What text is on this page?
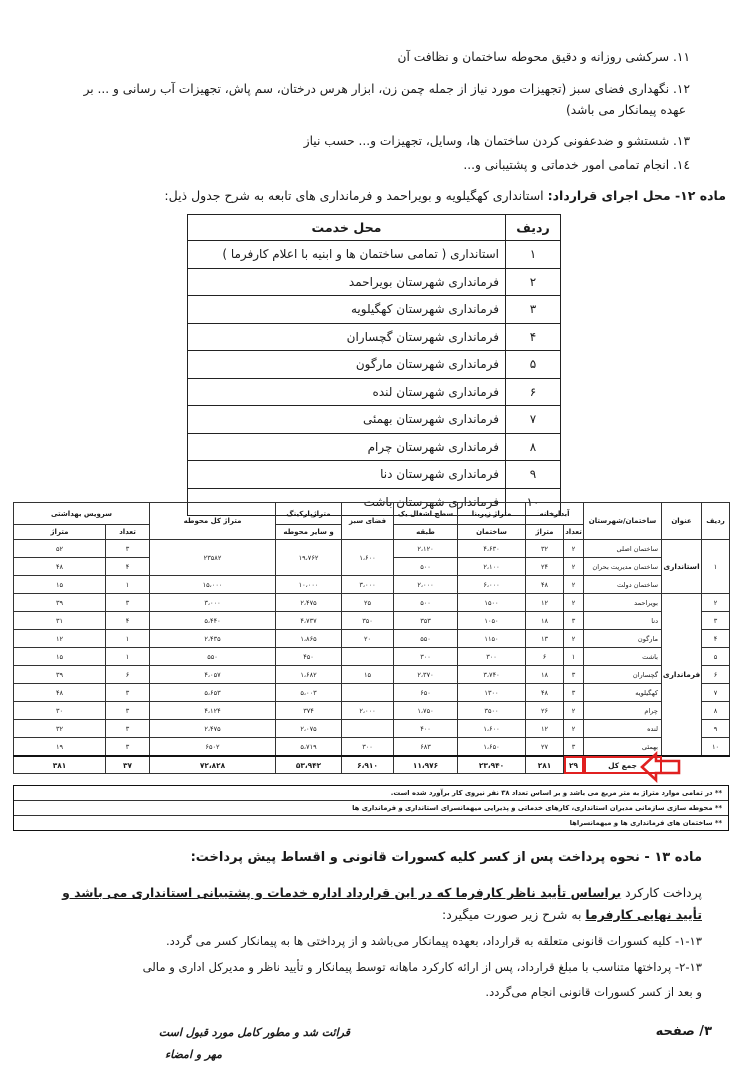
۱۱. سرکشی روزانه و دقیق محوطه ساختمان و نظافت آن
۱۲. نگهداری فضای سبز (تجهیزات مورد نیاز از جمله چمن زن، ابزار هرس درختان، سم پاش، تجهیزات آب رسانی و ... بر
عهده پیمانکار می باشد)
۱۳. شستشو و ضدعفونی کردن ساختمان ها، وسایل، تجهیزات و... حسب نیاز
۱٤. انجام تمامی امور خدماتی و پشتیبانی و...
ماده ۱۲- محل اجرای قرارداد: استانداری کهگیلویه و بویراحمد و فرمانداری های تابعه به شرح جدول ذیل:
ردیف	محل خدمت
۱	استانداری ( تمامی ساختمان ها و ابنیه با اعلام کارفرما )
۲	فرمانداری شهرستان بویراحمد
۳	فرمانداری شهرستان کهگیلویه
۴	فرمانداری شهرستان گچساران
۵	فرمانداری شهرستان مارگون
۶	فرمانداری شهرستان لنده
۷	فرمانداری شهرستان بهمئی
۸	فرمانداری شهرستان چرام
۹	فرمانداری شهرستان دنا
۱۰	فرمانداری شهرستان باشت
ردیف	عنوان	ساختمان/شهرستان	آبدارخانه		متراژ زیربنا	سطح اشغال یک	فضای سبز	متراژپارکینگ	متراژ کل محوطه	سرویس بهداشتی	
			تعداد	متراژ	ساختمان	طبقه		و سایر محوطه		تعداد	متراژ
۱	استانداری	ساختمان اصلی	۲	۳۲	۴،۶۳۰	۲،۱۲۰	۱،۶۰۰	۱۹،۷۶۲	۲۳۵۸۲	۳	۵۲
		ساختمان مدیریت بحران	۲	۲۴	۲،۱۰۰	۵۰۰				۴	۴۸
		ساختمان دولت	۲	۴۸	۶،۰۰۰	۲،۰۰۰	۳،۰۰۰	۱۰،۰۰۰	۱۵،۰۰۰	۱	۱۵
۲	فرمانداری	بویراحمد	۲	۱۲	۱۵۰۰	۵۰۰	۲۵	۲،۴۷۵	۳،۰۰۰	۳	۳۹
۳		دنا	۳	۱۸	۱۰۵۰	۳۵۳	۳۵۰	۴،۷۳۷	۵،۴۴۰	۴	۳۱
۴		مارگون	۲	۱۳	۱۱۵۰	۵۵۰	۲۰	۱،۸۶۵	۲،۴۳۵	۱	۱۲
۵		باشت	۱	۶	۳۰۰	۳۰۰		۴۵۰	۵۵۰	۱	۱۵
۶		گچساران	۳	۱۸	۳،۷۴۰	۲،۳۷۰	۱۵	۱،۶۸۲	۴،۰۵۷	۶	۳۹
۷		کهگیلویه	۳	۴۸	۱۳۰۰	۶۵۰		۵،۰۰۳	۵،۶۵۳	۳	۴۸
۸		چرام	۲	۲۶	۳۵۰۰	۱،۷۵۰	۲،۰۰۰	۳۷۴	۴،۱۲۴	۳	۳۰
۹		لنده	۲	۱۲	۱،۶۰۰	۴۰۰		۲،۰۷۵	۲،۴۷۵	۳	۳۲
۱۰		بهمئی	۳	۲۷	۱،۶۵۰	۶۸۳	۳۰۰	۵،۷۱۹	۶۵۰۲	۳	۱۹
		جمع کل	۲۹	۲۸۱	۲۳،۹۴۰	۱۱،۹۷۶	۶،۹۱۰	۵۳،۹۴۲	۷۲،۸۲۸	۳۷	۳۸۱
** در تمامی موارد متراژ به متر مربع می باشد و بر اساس تعداد ۳۸ نفر نیروی کار برآورد شده است.
** محوطه سازی سازمانی مدیران استانداری، کارهای خدماتی و پذیرایی میهمانسرای استانداری و فرمانداری ها
** ساختمان های فرمانداری ها و میهمانسراها
ماده ۱۳ - نحوه پرداخت پس از کسر کلیه کسورات قانونی و اقساط پیش پرداخت:
پرداخت کارکرد براساس تأیید ناظر کارفرما که در این قرارداد اداره خدمات و پشتیبانی استانداری می باشد و
تأیید نهایی کارفرما به شرح زیر صورت میگیرد:
۱-۱۳- کلیه کسورات قانونی متعلقه به قرارداد، بعهده پیمانکار می‌باشد و از پرداختی ها به پیمانکار کسر می گردد.
۲-۱۳- پرداختها متناسب با مبلغ قرارداد، پس از ارائه کارکرد ماهانه توسط پیمانکار و تأیید ناظر و مدیرکل اداری و مالی
و بعد از کسر کسورات قانونی انجام می‌گردد.
قرائت شد و مطور کامل مورد قبول است
مهر و امضاء
۳/ صفحه
